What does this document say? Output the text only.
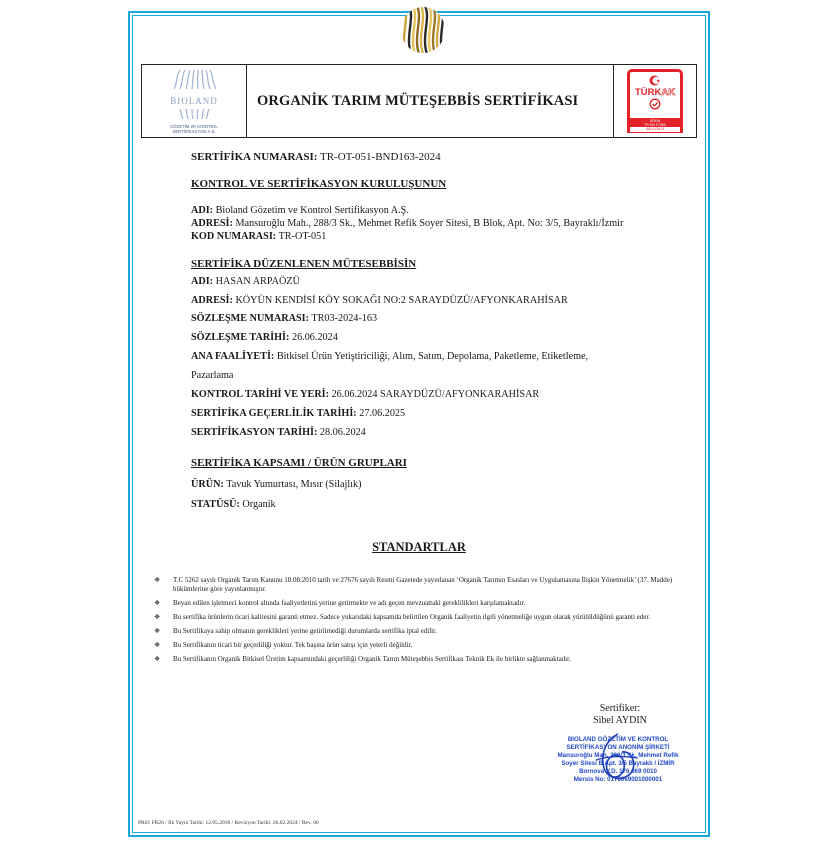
BIOLAND
GÖZETİM VE KONTROL
SERTİFİKASYON A.Ş.
ORGANİK TARIM MÜTEŞEBBİS SERTİFİKASI	TÜRKAK
ÜRÜN
TS EN 17065
AB-0139-Ü
SERTİFİKA NUMARASI: TR-OT-051-BND163-2024
KONTROL VE SERTİFİKASYON KURULUŞUNUN
ADI: Bioland Gözetim ve Kontrol Sertifikasyon A.Ş.
ADRESİ: Mansuroğlu Mah., 288/3 Sk., Mehmet Refik Soyer Sitesi, B Blok, Apt. No: 3/5, Bayraklı/İzmir
KOD NUMARASI: TR-OT-051
SERTİFİKA DÜZENLENEN MÜTESEBBİSİN
ADI: HASAN ARPAÖZÜ
ADRESİ: KÖYÜN KENDİSİ KÖY SOKAĞI NO:2 SARAYDÜZÜ/AFYONKARAHİSAR
SÖZLEŞME NUMARASI: TR03-2024-163
SÖZLEŞME TARİHİ: 26.06.2024
ANA FAALİYETİ: Bitkisel Ürün Yetiştiriciliği, Alım, Satım, Depolama, Paketleme, Etiketleme,
Pazarlama
KONTROL TARİHİ VE YERİ: 26.06.2024 SARAYDÜZÜ/AFYONKARAHİSAR
SERTİFİKA GEÇERLİLİK TARİHİ: 27.06.2025
SERTİFİKASYON TARİHİ: 28.06.2024
SERTİFİKA KAPSAMI / ÜRÜN GRUPLARI
ÜRÜN: Tavuk Yumurtası, Mısır (Silajlık)
STATÜSÜ: Organik
STANDARTLAR
❖	T.C 5262 sayılı Organik Tarım Kanunu 18.08.2010 tarih ve 27676 sayılı Resmi Gazetede yayınlanan ‘Organik Tarımın Esasları ve Uygulamasına İlişkin Yönetmelik’ (37. Madde) hükümlerine göre yayınlanmıştır.
❖	Beyan edilen işletmeci kontrol altında faaliyetlerini yerine getirmekte ve adı geçen mevzuattaki gereklilikleri karşılamaktadır.
❖	Bu sertifika ürünlerin ticari kalitesini garanti etmez. Sadece yukarıdaki kapsamda belirtilen Organik faaliyetin ilgili yönetmeliğe uygun olarak yürütüldüğünü garanti eder.
❖	Bu Sertifikaya sahip olmanın gereklikleri yerine getirilmediği durumlarda sertifika iptal edilir.
❖	Bu Sertifikanın ticari bir geçerliliği yoktur. Tek başına ürün satışı için yeterli değildir.
❖	Bu Sertifikanın Organik Bitkisel Üretim kapsamındaki geçerliliği Organik Tarım Müteşebbis Sertifikası Teknik Ek ile birlikte sağlanmaktadır.
Sertifiker:
Sibel AYDIN
BIOLAND GÖZETİM VE KONTROL
SERTİFİKASYON ANONİM ŞİRKETİ
Mansuroğlu Mah. 288/3 Sk. Mehmet Refik
Soyer Sitesi B Apt. 3/5 Bayraklı / İZMİR
Bornova V.D. 176 069 0010
Mersis No: 0176069001000001
PR01 FR20 / İlk Yayın Tarihi: 12.05.2018 / Revizyon Tarihi: 26.02.2024 / Rev. 06
